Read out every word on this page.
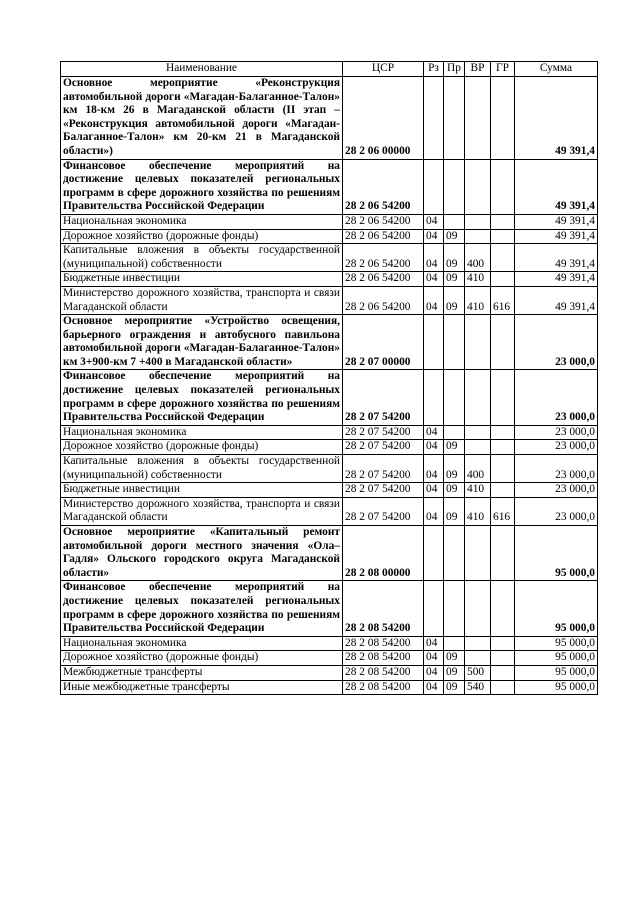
Наименование	ЦСР	Рз	Пр	ВР	ГР	Сумма
Основное мероприятие «Реконструкция автомобильной дороги «Магадан-Балаганное-Талон» км 18-км 26 в Магаданской области (II этап – «Реконструкция автомобильной дороги «Магадан-Балаганное-Талон» км 20-км 21 в Магаданской области»)	28 2 06 00000					49 391,4
Финансовое обеспечение мероприятий на достижение целевых показателей региональных программ в сфере дорожного хозяйства по решениям Правительства Российской Федерации	28 2 06 54200					49 391,4
Национальная экономика	28 2 06 54200	04				49 391,4
Дорожное хозяйство (дорожные фонды)	28 2 06 54200	04	09			49 391,4
Капитальные вложения в объекты государственной (муниципальной) собственности	28 2 06 54200	04	09	400		49 391,4
Бюджетные инвестиции	28 2 06 54200	04	09	410		49 391,4
Министерство дорожного хозяйства, транспорта и связи Магаданской области	28 2 06 54200	04	09	410	616	49 391,4
Основное мероприятие «Устройство освещения, барьерного ограждения и автобусного павильона автомобильной дороги «Магадан-Балаганное-Талон» км 3+900-км 7 +400 в Магаданской области»	28 2 07 00000					23 000,0
Финансовое обеспечение мероприятий на достижение целевых показателей региональных программ в сфере дорожного хозяйства по решениям Правительства Российской Федерации	28 2 07 54200					23 000,0
Национальная экономика	28 2 07 54200	04				23 000,0
Дорожное хозяйство (дорожные фонды)	28 2 07 54200	04	09			23 000,0
Капитальные вложения в объекты государственной (муниципальной) собственности	28 2 07 54200	04	09	400		23 000,0
Бюджетные инвестиции	28 2 07 54200	04	09	410		23 000,0
Министерство дорожного хозяйства, транспорта и связи Магаданской области	28 2 07 54200	04	09	410	616	23 000,0
Основное мероприятие «Капитальный ремонт автомобильной дороги местного значения «Ола–Гадля» Ольского городского округа Магаданской области»	28 2 08 00000					95 000,0
Финансовое обеспечение мероприятий на достижение целевых показателей региональных программ в сфере дорожного хозяйства по решениям Правительства Российской Федерации	28 2 08 54200					95 000,0
Национальная экономика	28 2 08 54200	04				95 000,0
Дорожное хозяйство (дорожные фонды)	28 2 08 54200	04	09			95 000,0
Межбюджетные трансферты	28 2 08 54200	04	09	500		95 000,0
Иные межбюджетные трансферты	28 2 08 54200	04	09	540		95 000,0
